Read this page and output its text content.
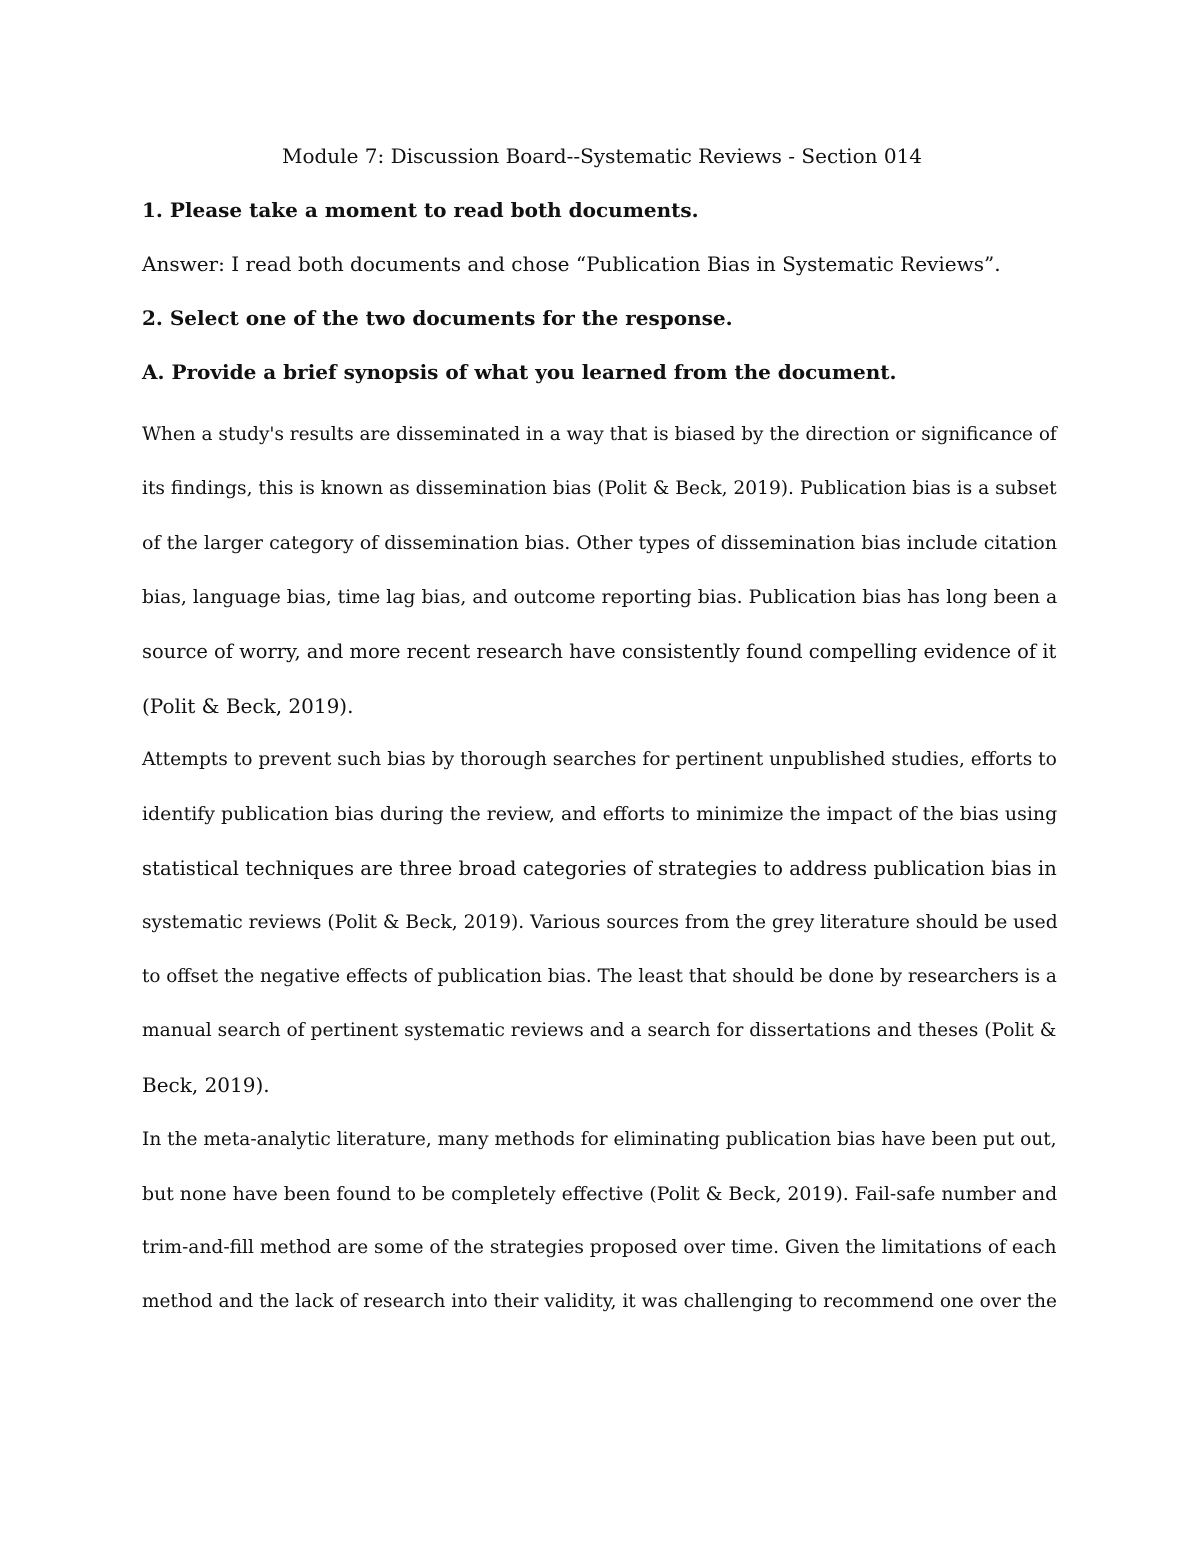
Module 7: Discussion Board--Systematic Reviews - Section 014

1. Please take a moment to read both documents.

Answer: I read both documents and chose “Publication Bias in Systematic Reviews”.

2. Select one of the two documents for the response.

A. Provide a brief synopsis of what you learned from the document.

When a study's results are disseminated in a way that is biased by the direction or significance of
its findings, this is known as dissemination bias (Polit & Beck, 2019). Publication bias is a subset
of the larger category of dissemination bias. Other types of dissemination bias include citation
bias, language bias, time lag bias, and outcome reporting bias. Publication bias has long been a
source of worry, and more recent research have consistently found compelling evidence of it
(Polit & Beck, 2019).
Attempts to prevent such bias by thorough searches for pertinent unpublished studies, efforts to
identify publication bias during the review, and efforts to minimize the impact of the bias using
statistical techniques are three broad categories of strategies to address publication bias in
systematic reviews (Polit & Beck, 2019). Various sources from the grey literature should be used
to offset the negative effects of publication bias. The least that should be done by researchers is a
manual search of pertinent systematic reviews and a search for dissertations and theses (Polit &
Beck, 2019).
In the meta-analytic literature, many methods for eliminating publication bias have been put out,
but none have been found to be completely effective (Polit & Beck, 2019). Fail-safe number and
trim-and-fill method are some of the strategies proposed over time. Given the limitations of each
method and the lack of research into their validity, it was challenging to recommend one over the
